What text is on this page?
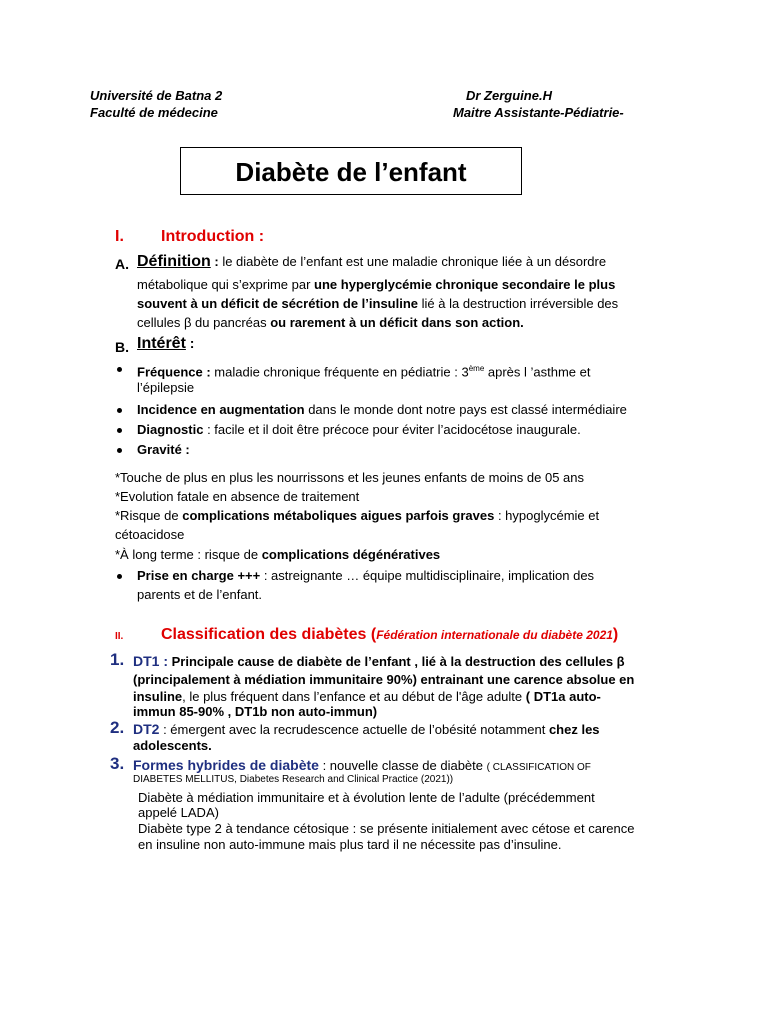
Université de Batna 2
Faculté de médecine
Dr Zerguine.H
Maitre Assistante-Pédiatrie-
Diabète de l’enfant
I. Introduction :
A. Définition : le diabète de l’enfant est une maladie chronique liée à un désordre
métabolique qui s’exprime par une hyperglycémie chronique secondaire le plus
souvent à un déficit de sécrétion de l’insuline lié à la destruction irréversible des
cellules β du pancréas ou rarement à un déficit dans son action.
B. Intérêt :
Fréquence : maladie chronique fréquente en pédiatrie : 3ème après l ’asthme et
l’épilepsie
Incidence en augmentation dans le monde dont notre pays est classé intermédiaire
Diagnostic : facile et il doit être précoce pour éviter l’acidocétose inaugurale.
Gravité :
*Touche de plus en plus les nourrissons et les jeunes enfants de moins de 05 ans
*Evolution fatale en absence de traitement
*Risque de complications métaboliques aigues parfois graves : hypoglycémie et
cétoacidose
*À long terme : risque de complications dégénératives
Prise en charge +++ : astreignante … équipe multidisciplinaire, implication des
parents et de l’enfant.
II. Classification des diabètes (Fédération internationale du diabète 2021)
1. DT1 : Principale cause de diabète de l’enfant , lié à la destruction des cellules β
(principalement à médiation immunitaire 90%) entrainant une carence absolue en
insuline, le plus fréquent dans l’enfance et au début de l'âge adulte ( DT1a auto-
immun 85-90% , DT1b non auto-immun)
2. DT2 : émergent avec la recrudescence actuelle de l’obésité notamment chez les
adolescents.
3. Formes hybrides de diabète : nouvelle classe de diabète ( CLASSIFICATION OF
DIABETES MELLITUS, Diabetes Research and Clinical Practice (2021))
Diabète à médiation immunitaire et à évolution lente de l’adulte (précédemment
appelé LADA)
Diabète type 2 à tendance cétosique : se présente initialement avec cétose et carence
en insuline non auto-immune mais plus tard il ne nécessite pas d’insuline.
